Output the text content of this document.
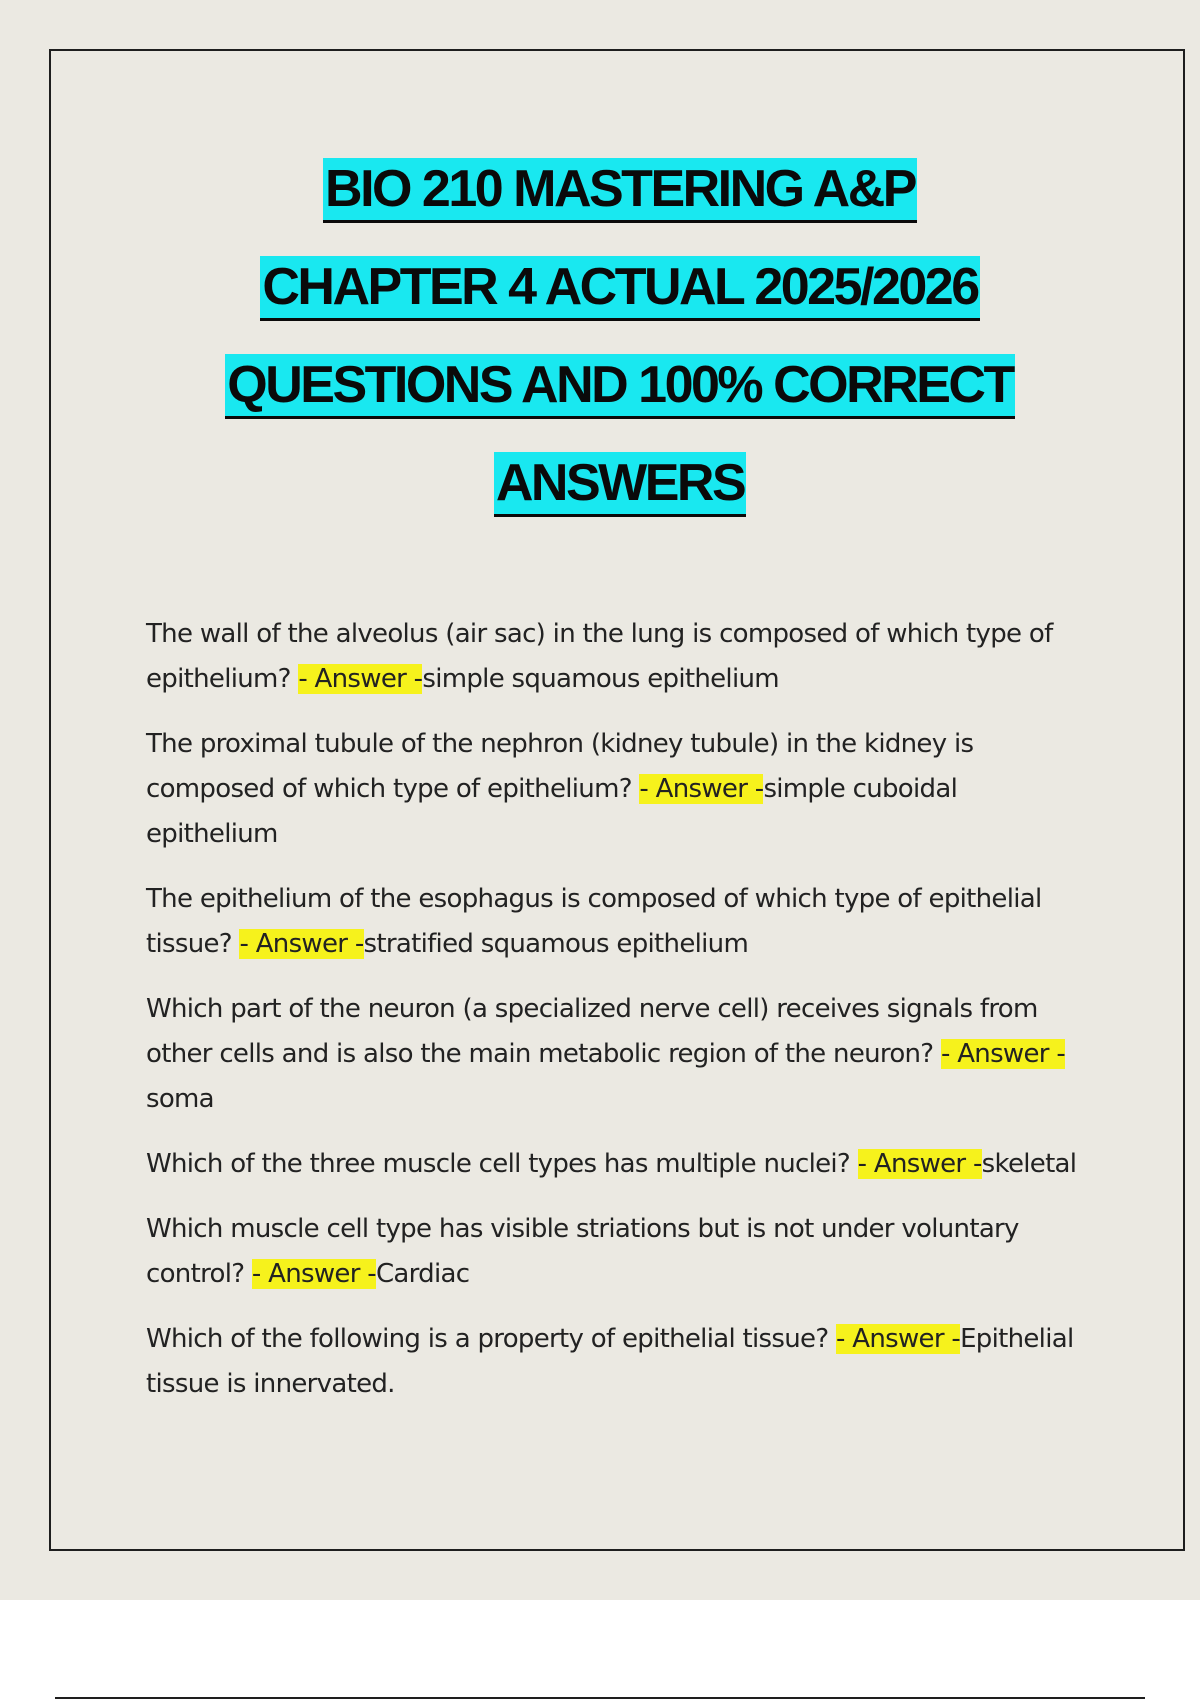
BIO 210 MASTERING A&P
CHAPTER 4 ACTUAL 2025/2026
QUESTIONS AND 100% CORRECT
ANSWERS

The wall of the alveolus (air sac) in the lung is composed of which type of epithelium? - Answer -simple squamous epithelium

The proximal tubule of the nephron (kidney tubule) in the kidney is composed of which type of epithelium? - Answer -simple cuboidal epithelium

The epithelium of the esophagus is composed of which type of epithelial tissue? - Answer -stratified squamous epithelium

Which part of the neuron (a specialized nerve cell) receives signals from other cells and is also the main metabolic region of the neuron? - Answer -soma

Which of the three muscle cell types has multiple nuclei? - Answer -skeletal

Which muscle cell type has visible striations but is not under voluntary control? - Answer -Cardiac

Which of the following is a property of epithelial tissue? - Answer -Epithelial tissue is innervated.
